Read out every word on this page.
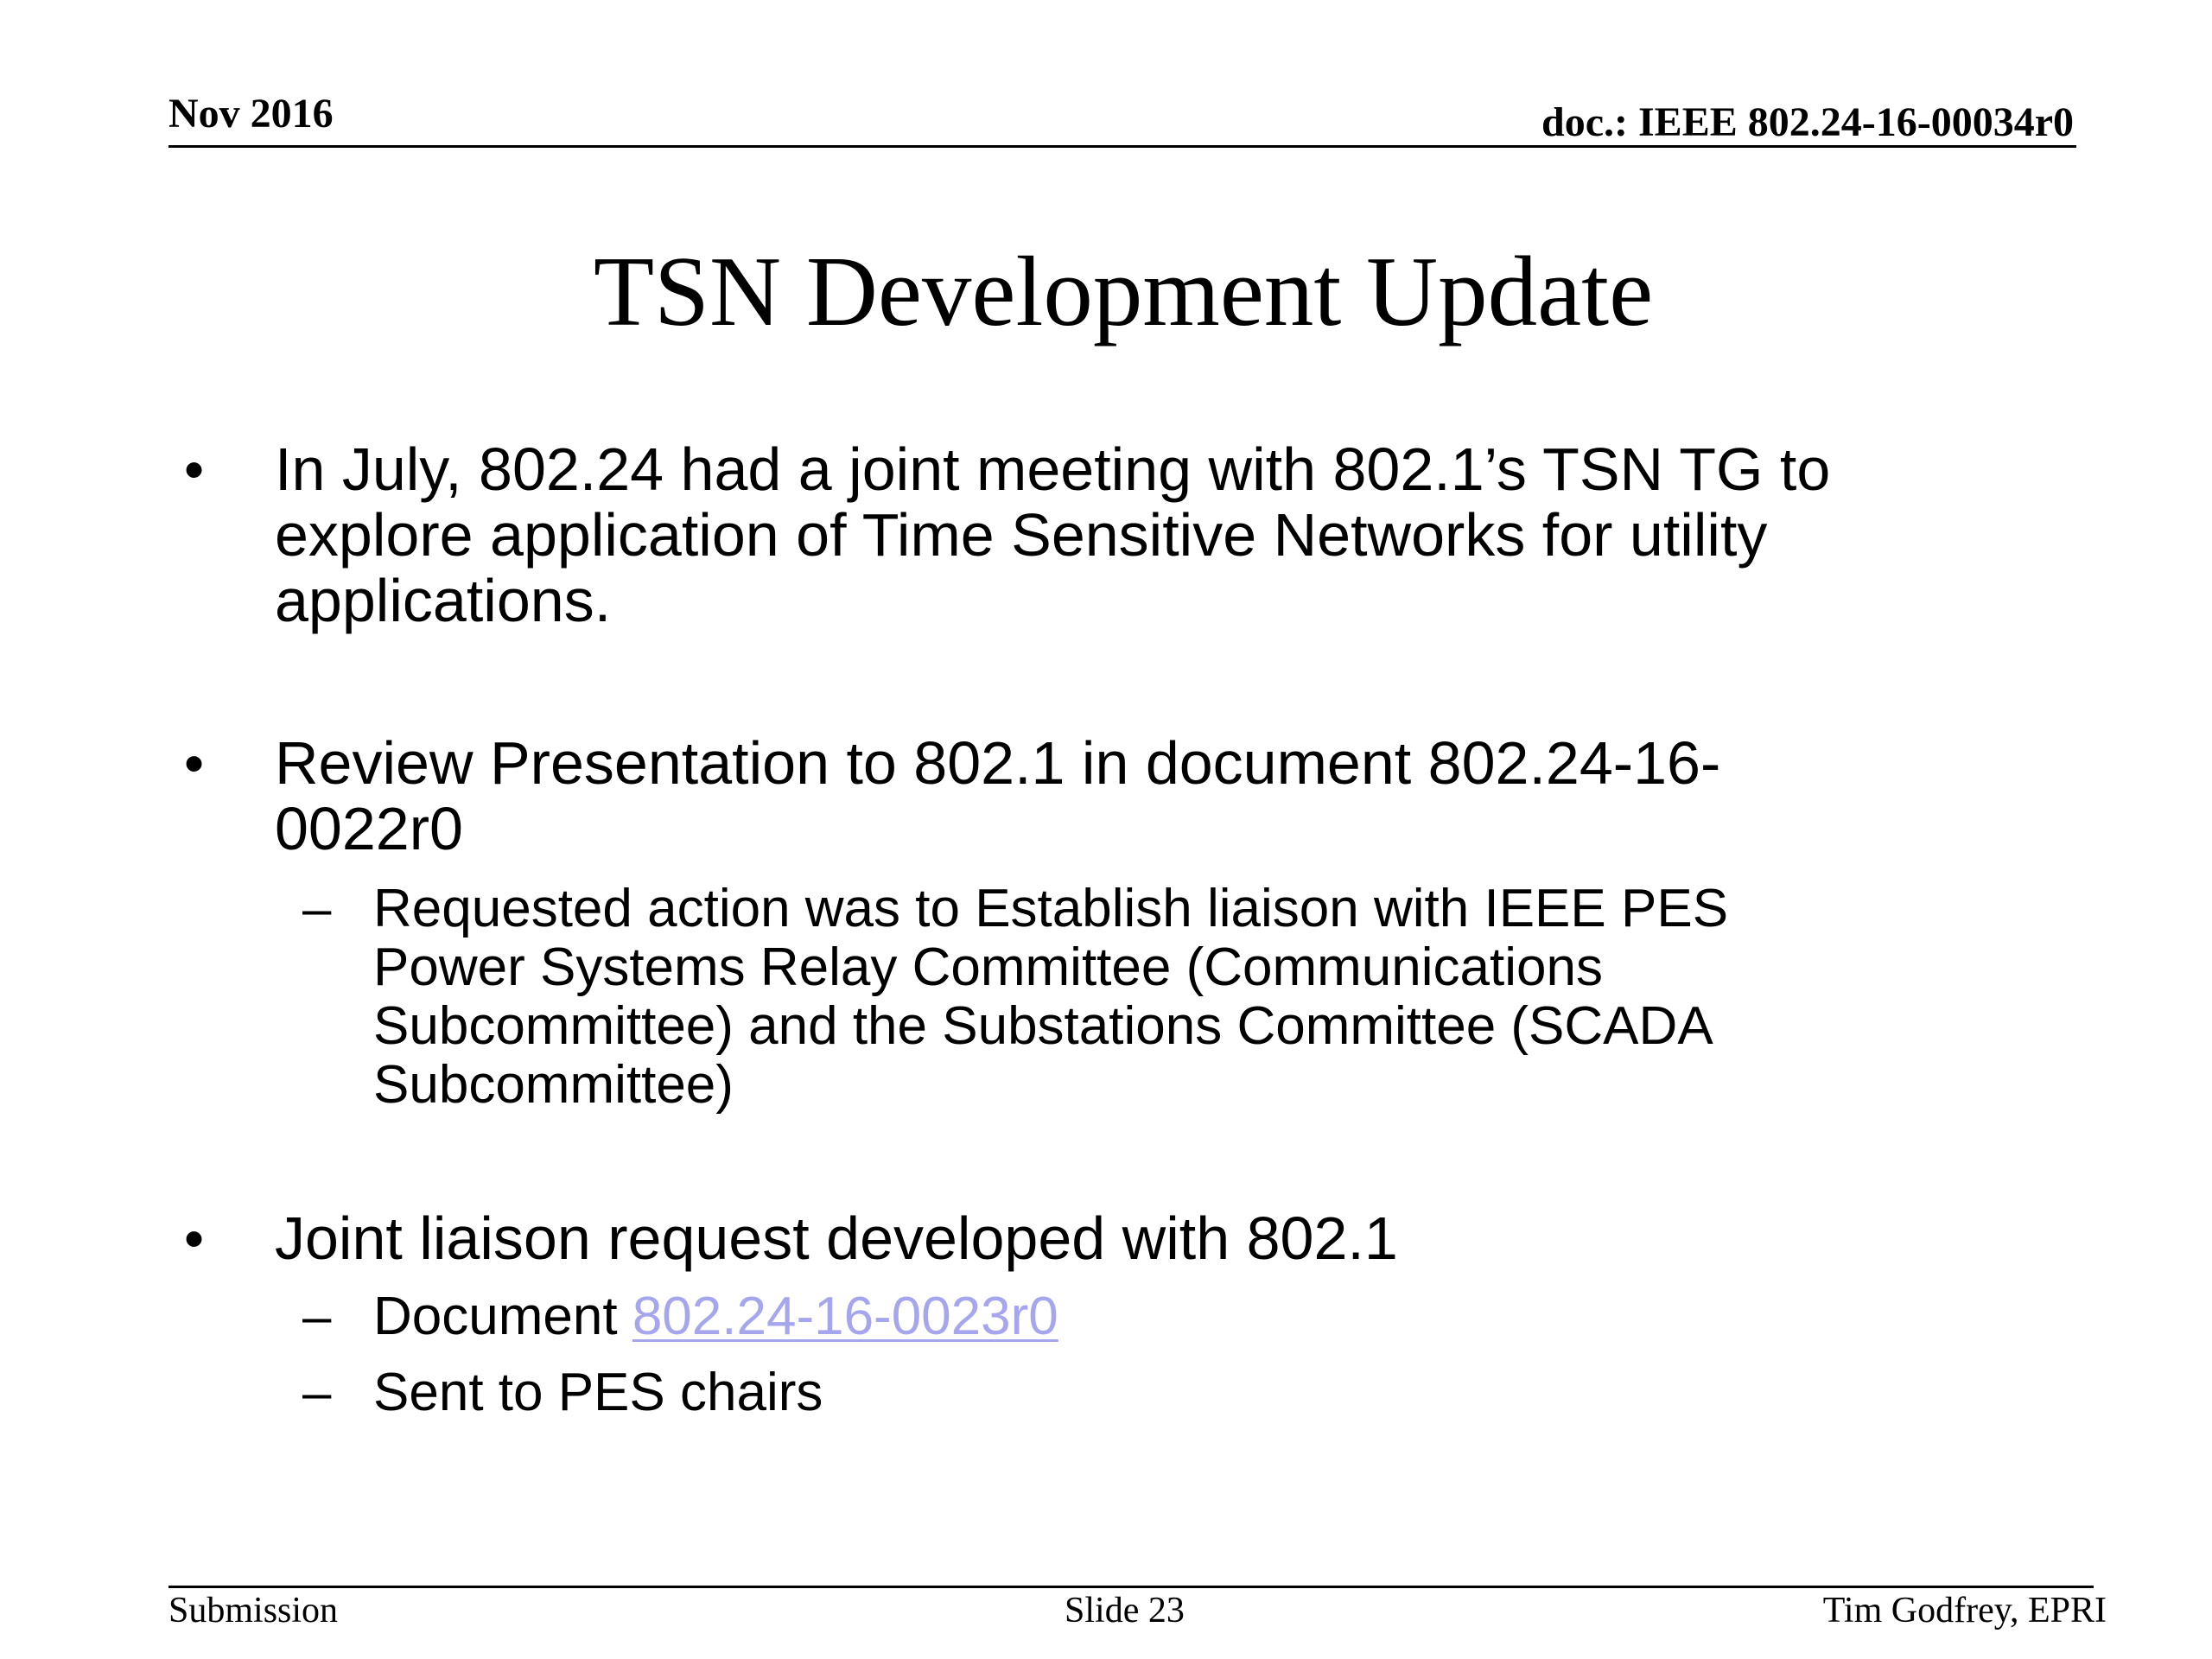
Nov 2016	doc.: IEEE 802.24-16-00034r0
TSN Development Update
• In July, 802.24 had a joint meeting with 802.1’s TSN TG to
explore application of Time Sensitive Networks for utility
applications.
• Review Presentation to 802.1 in document 802.24-16-
0022r0
– Requested action was to Establish liaison with IEEE PES
Power Systems Relay Committee (Communications
Subcommittee) and the Substations Committee (SCADA
Subcommittee)
• Joint liaison request developed with 802.1
– Document 802.24-16-0023r0
– Sent to PES chairs
Submission	Slide 23	Tim Godfrey, EPRI
